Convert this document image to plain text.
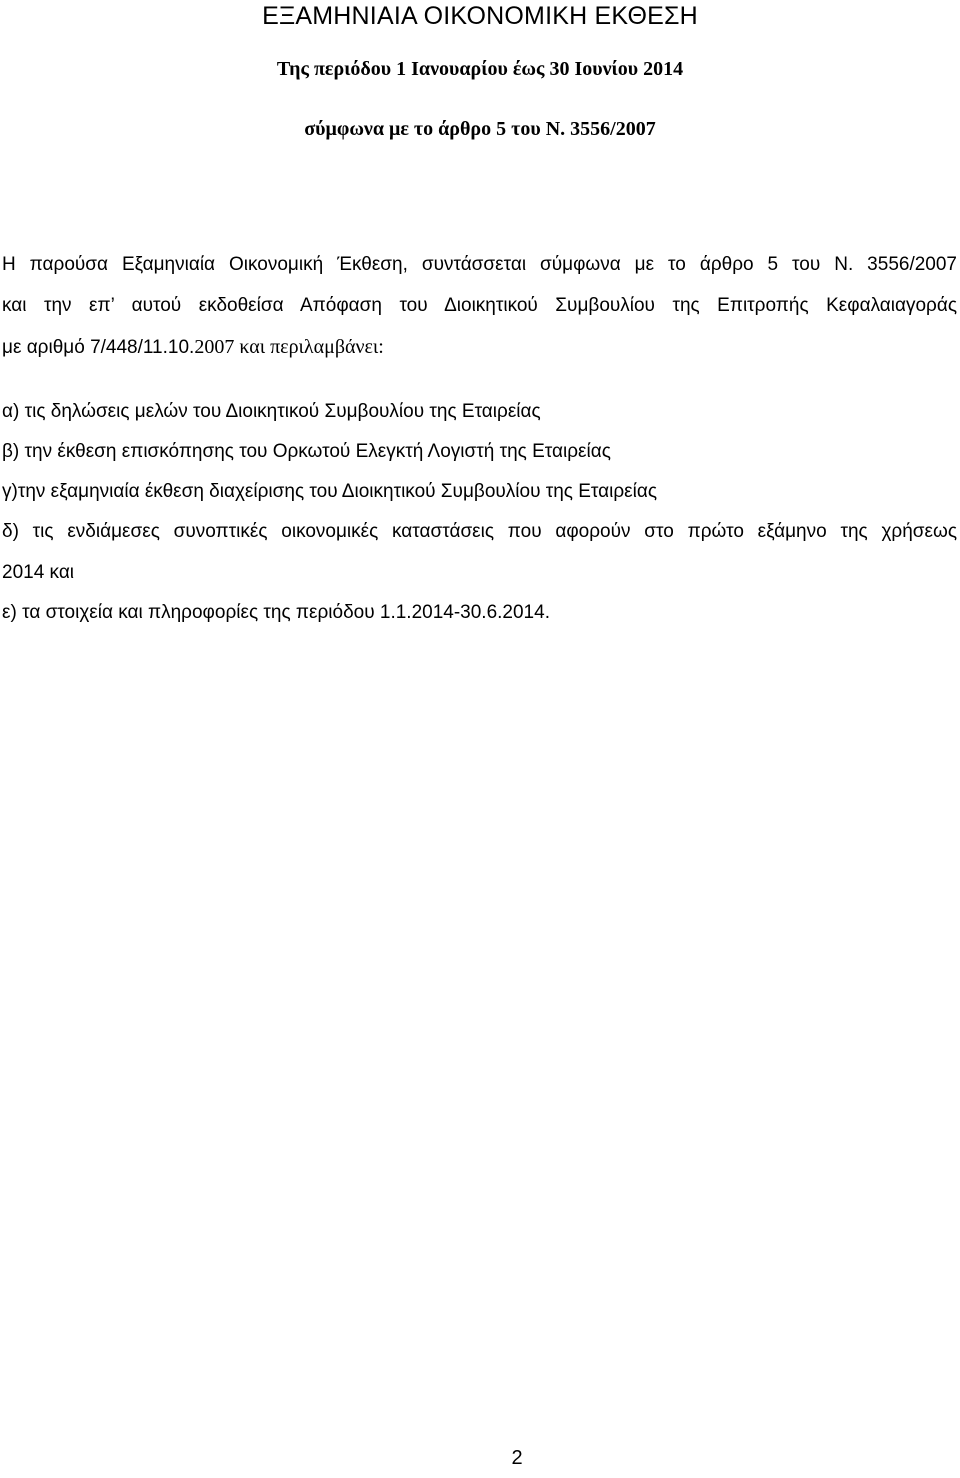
ΕΞΑΜΗΝΙΑΙΑ ΟΙΚΟΝΟΜΙΚΗ ΕΚΘΕΣΗ

Της περιόδου 1 Ιανουαρίου έως 30 Ιουνίου 2014

σύμφωνα με το άρθρο 5 του Ν. 3556/2007

Η παρούσα Εξαμηνιαία Οικονομική Έκθεση, συντάσσεται σύμφωνα με το άρθρο 5 του Ν. 3556/2007

και την επ’ αυτού εκδοθείσα Απόφαση του Διοικητικού Συμβουλίου της Επιτροπής Κεφαλαιαγοράς

με αριθμό 7/448/11.10.2007 και περιλαμβάνει:

α) τις δηλώσεις μελών του Διοικητικού Συμβουλίου της Εταιρείας

β) την έκθεση επισκόπησης του Ορκωτού Ελεγκτή Λογιστή της Εταιρείας

γ)την εξαμηνιαία έκθεση διαχείρισης του Διοικητικού Συμβουλίου της Εταιρείας

δ) τις ενδιάμεσες συνοπτικές οικονομικές καταστάσεις που αφορούν στο πρώτο εξάμηνο της χρήσεως

2014 και

ε) τα στοιχεία και πληροφορίες της περιόδου 1.1.2014-30.6.2014.

2
